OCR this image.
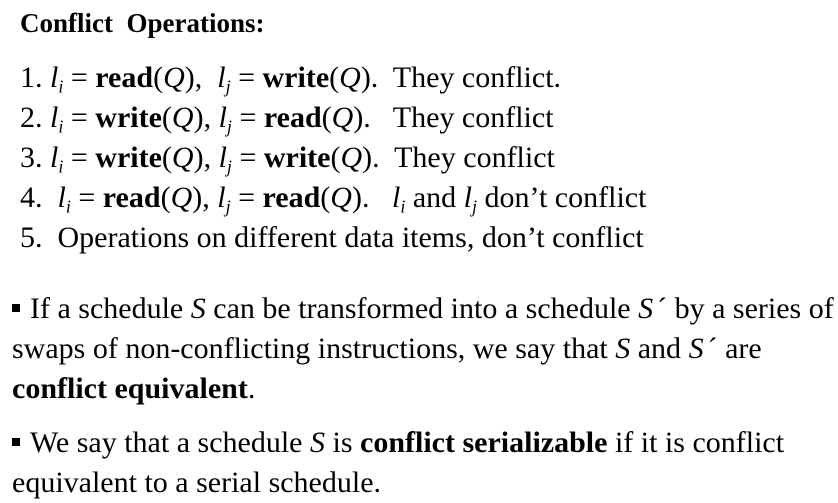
Conflict  Operations:
1. $l_i$ = read(Q),  $l_j$ = write(Q).  They conflict.
2. $l_i$ = write(Q), $l_j$ = read(Q).   They conflict
3. $l_i$ = write(Q), $l_j$ = write(Q).  They conflict
4. $l_i$ = read(Q), $l_j$ = read(Q).   $l_i$ and $l_j$ don’t conflict
5. Operations on different data items, don’t conflict

If a schedule S can be transformed into a schedule S ´ by a series of swaps of non-conflicting instructions, we say that S and S ´ are conflict equivalent.

We say that a schedule S is conflict serializable if it is conflict equivalent to a serial schedule.
